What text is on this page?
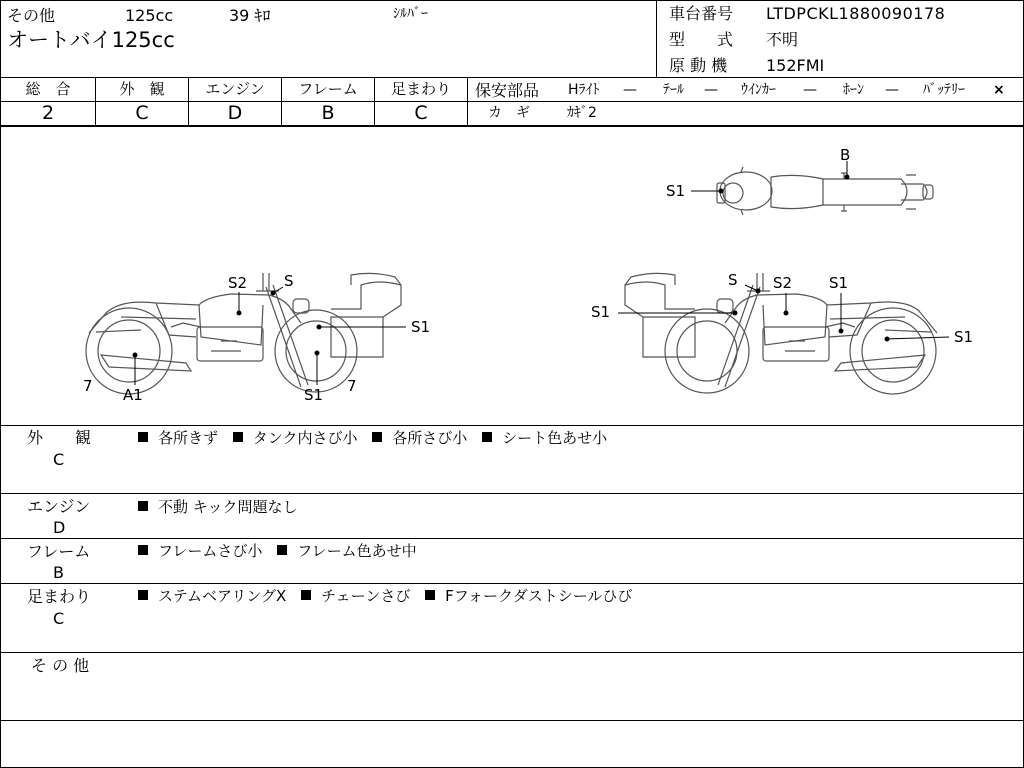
その他	125cc	39 ｷﾛ	ｼﾙﾊﾞｰ
オートバイ125cc
車台番号 LTDPCKL1880090178
型　　式 不明
原 動 機 152FMI
総　合
2
外　観
C
エンジン
D
フレーム
B
足まわり
C
保安部品 Hﾗｲﾄ — ﾃｰﾙ — ｳｲﾝｶｰ — ﾎｰﾝ — ﾊﾞｯﾃﾘｰ ×
カ　ギ	ｶｷﾞ2
S1
B
S2 S
S1
7 A1	S1 7
S S2
S1
S1
S1
外　　観
C
各所きず タンク内さび小 各所さび小 シート色あせ小
エンジン
D
不動 キック問題なし
フレーム
B
フレームさび小 フレーム色あせ中
足まわり
C
ステムベアリングX チェーンさび Fフォークダストシールひび
そ の 他
